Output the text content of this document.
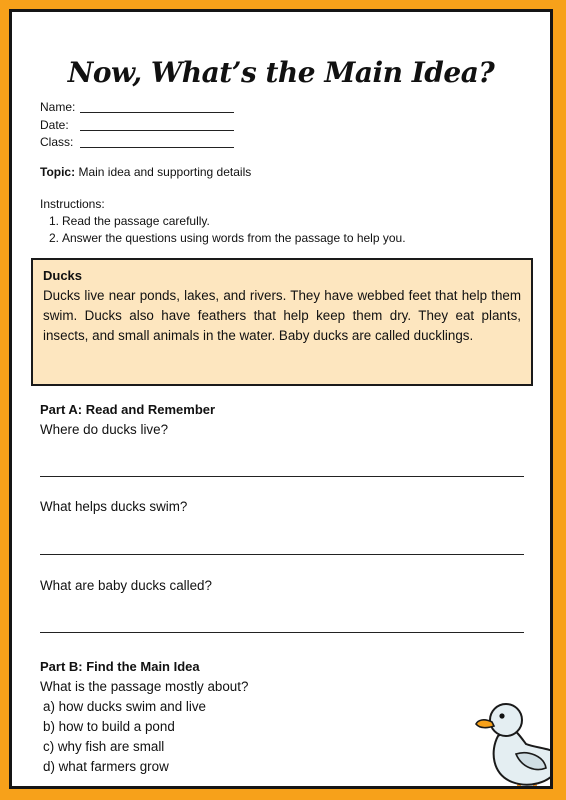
Now, What’s the Main Idea?
Name:
Date:
Class:
Topic: Main idea and supporting details
Instructions:
1. Read the passage carefully.
2. Answer the questions using words from the passage to help you.
Ducks
Ducks live near ponds, lakes, and rivers. They have webbed feet that help them swim. Ducks also have feathers that help keep them dry. They eat plants, insects, and small animals in the water. Baby ducks are called ducklings.
Part A: Read and Remember
Where do ducks live?
What helps ducks swim?
What are baby ducks called?
Part B: Find the Main Idea
What is the passage mostly about?
a) how ducks swim and live
b) how to build a pond
c) why fish are small
d) what farmers grow
